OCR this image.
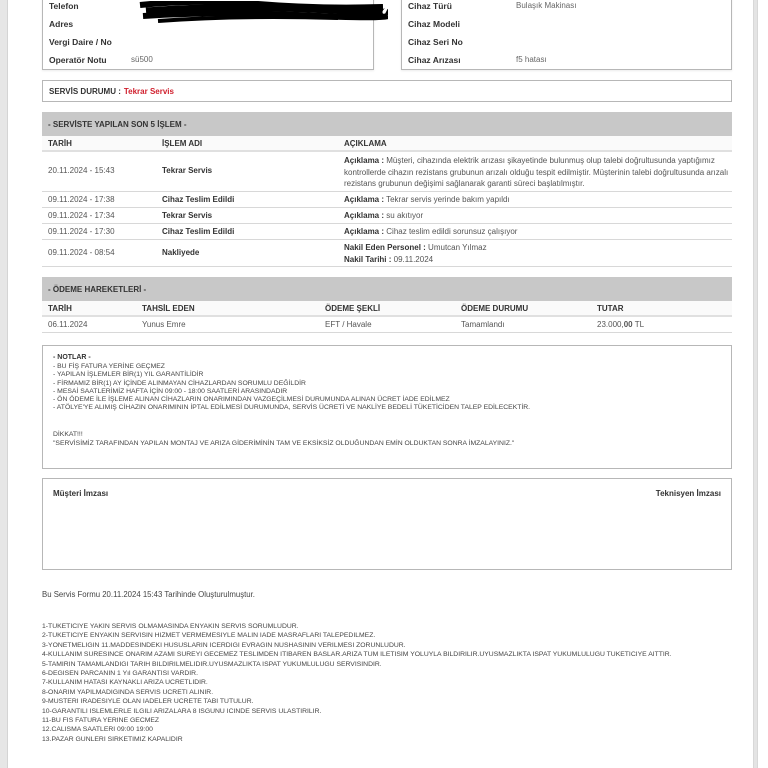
Telefon
Adres
Vergi Daire / No
Operatör Notu	sü500
Cihaz Türü	Bulaşık Makinası
Cihaz Modeli
Cihaz Seri No
Cihaz Arızası	f5 hatası
SERVİS DURUMU : Tekrar Servis
- SERVİSTE YAPILAN SON 5 İŞLEM -
TARİH	İŞLEM ADI	AÇIKLAMA
20.11.2024 - 15:43	Tekrar Servis
Açıklama : Müşteri, cihazında elektrik arızası şikayetinde bulunmuş olup talebi doğrultusunda yaptığımız kontrollerde cihazın rezistans grubunun arızalı olduğu tespit edilmiştir. Müşterinin talebi doğrultusunda arızalı rezistans grubunun değişimi sağlanarak garanti süreci başlatılmıştır.
09.11.2024 - 17:38	Cihaz Teslim Edildi	Açıklama : Tekrar servis yerinde bakım yapıldı
09.11.2024 - 17:34	Tekrar Servis	Açıklama : su akıtıyor
09.11.2024 - 17:30	Cihaz Teslim Edildi	Açıklama : Cihaz teslim edildi sorunsuz çalışıyor
09.11.2024 - 08:54	Nakliyede
Nakil Eden Personel : Umutcan Yılmaz
Nakil Tarihi : 09.11.2024
- ÖDEME HAREKETLERİ -
TARİH	TAHSİL EDEN	ÖDEME ŞEKLİ	ÖDEME DURUMU	TUTAR
06.11.2024	Yunus Emre	EFT / Havale	Tamamlandı	23.000,00 TL
- NOTLAR -
- BU FİŞ FATURA YERİNE GEÇMEZ
- YAPILAN İŞLEMLER BİR(1) YIL GARANTİLİDİR
- FİRMAMIZ BİR(1) AY İÇİNDE ALINMAYAN CİHAZLARDAN SORUMLU DEĞİLDİR
- MESAİ SAATLERİMİZ HAFTA İÇİN 09:00 - 18:00 SAATLERİ ARASINDADIR
- ÖN ÖDEME İLE İŞLEME ALINAN CİHAZLARIN ONARIMINDAN VAZGEÇİLMESİ DURUMUNDA ALINAN ÜCRET İADE EDİLMEZ
- ATÖLYE'YE ALIMIŞ CİHAZIN ONARIMININ İPTAL EDİLMESİ DURUMUNDA, SERVİS ÜCRETİ VE NAKLİYE BEDELİ TÜKETİCİDEN TALEP EDİLECEKTİR.
DİKKAT!!!
"SERVİSİMİZ TARAFINDAN YAPILAN MONTAJ VE ARIZA GİDERİMİNİN TAM VE EKSİKSİZ OLDUĞUNDAN EMİN OLDUKTAN SONRA İMZALAYINIZ."
Müşteri İmzası	Teknisyen İmzası
Bu Servis Formu 20.11.2024 15:43 Tarihinde Oluşturulmuştur.
1-TUKETICIYE YAKIN SERVIS OLMAMASINDA ENYAKIN SERVIS SORUMLUDUR.
2-TUKETICIYE ENYAKIN SERVISIN HIZMET VERMEMESIYLE MALIN IADE MASRAFLARI TALEPEDILMEZ.
3-YONETMELIGIN 11.MADDESINDEKI HUSUSLARIN ICERDIGI EVRAGIN NUSHASININ VERILMESI ZORUNLUDUR.
4-KULLANIM SURESINCE ONARIM AZAMI SUREYI GECEMEZ TESLIMDEN ITIBAREN BASLAR.ARIZA TUM ILETISIM YOLUYLA BILDIRILIR.UYUSMAZLIKTA ISPAT YUKUMLULUGU TUKETICIYE AITTIR.
5-TAMIRIN TAMAMLANDIGI TARIH BILDIRILMELIDIR.UYUSMAZLIKTA ISPAT YUKUMLULUGU SERVISINDIR.
6-DEGISEN PARCANIN 1 Yıl GARANTISI VARDIR.
7-KULLANIM HATASI KAYNAKLI ARIZA UCRETLIDIR.
8-ONARIM YAPILMADIGINDA SERVIS UCRETI ALINIR.
9-MUSTERI IRADESIYLE OLAN IADELER UCRETE TABI TUTULUR.
10-GARANTILI ISLEMLERLE ILGILI ARIZALARA 8 ISGUNU ICINDE SERVIS ULASTIRILIR.
11-BU FIS FATURA YERINE GECMEZ
12.CALISMA SAATLERI 09:00 19:00
13.PAZAR GUNLERI SIRKETIMIZ KAPALIDIR
